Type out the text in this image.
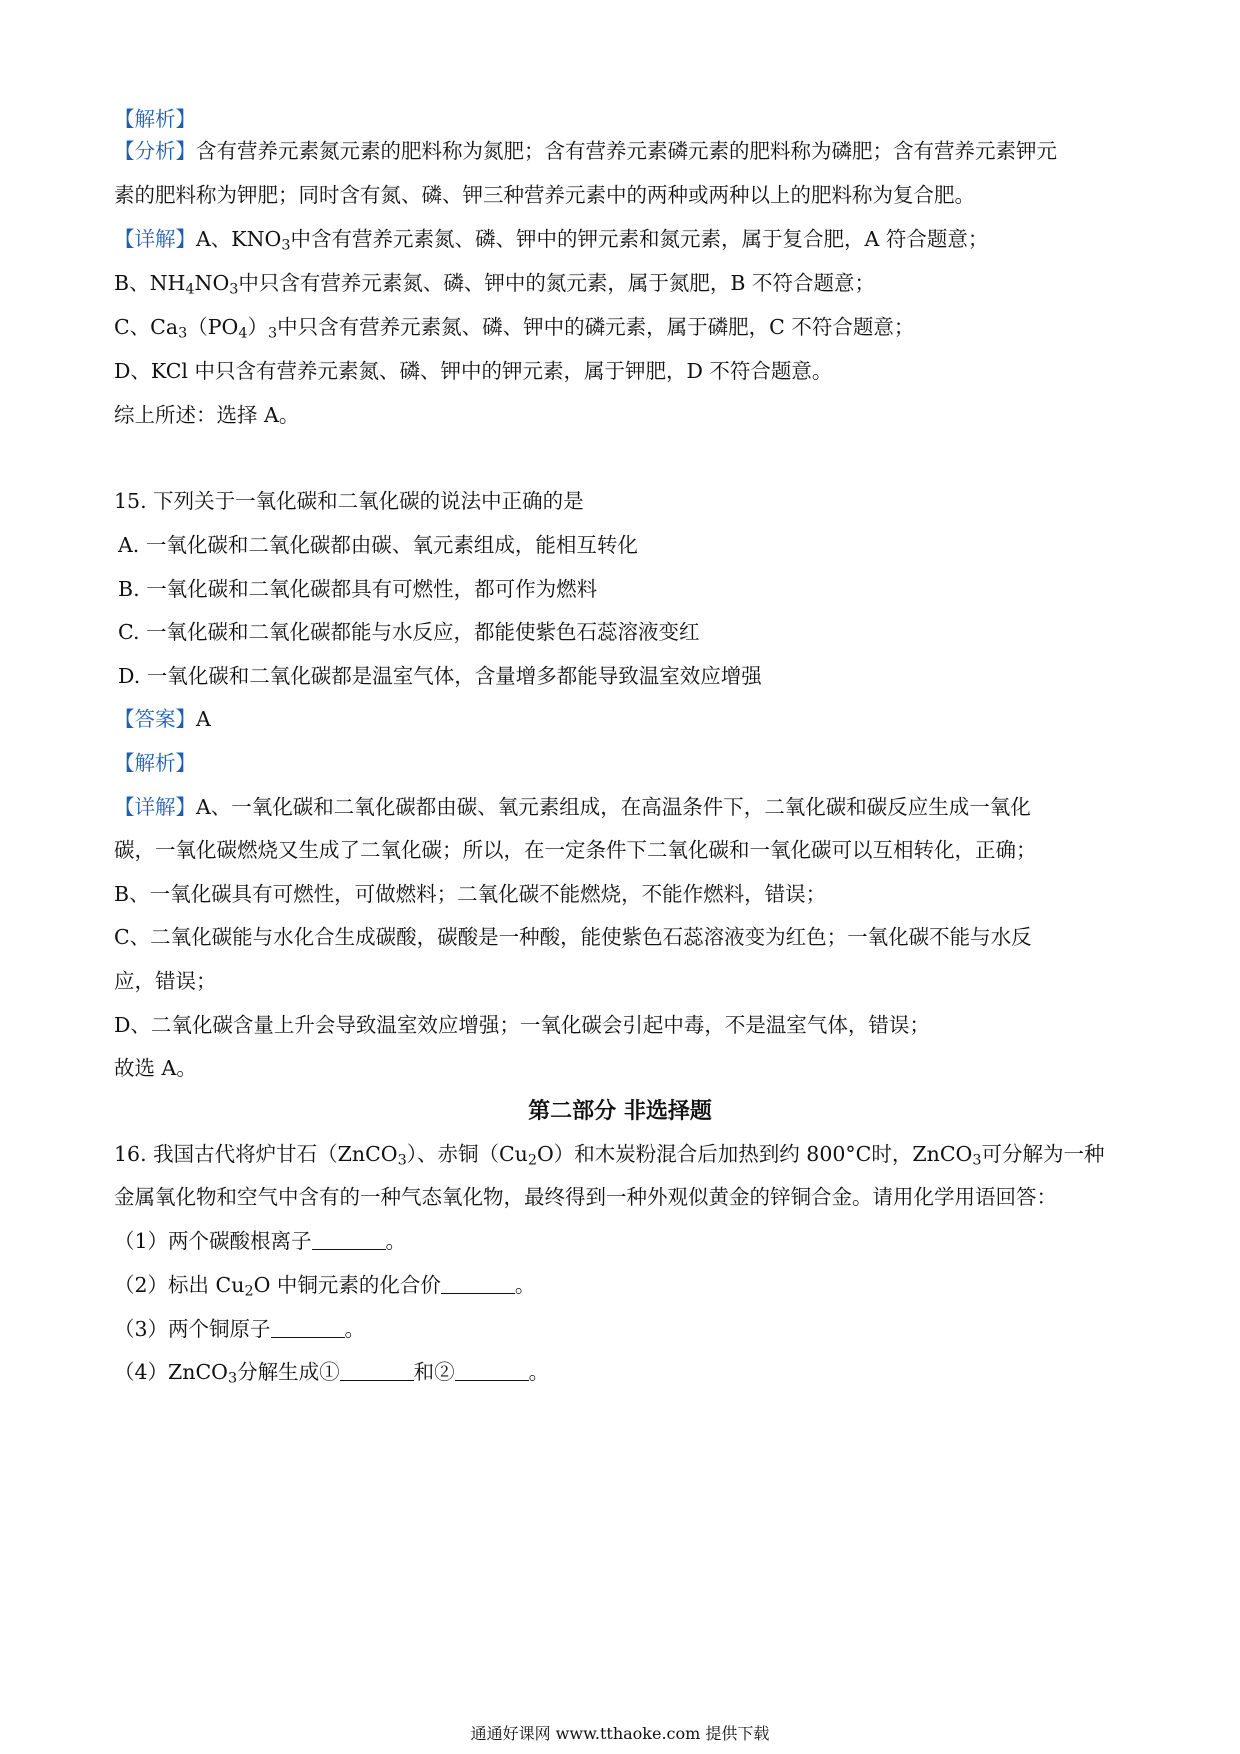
【解析】
【分析】含有营养元素氮元素的肥料称为氮肥；含有营养元素磷元素的肥料称为磷肥；含有营养元素钾元
素的肥料称为钾肥；同时含有氮、磷、钾三种营养元素中的两种或两种以上的肥料称为复合肥。
【详解】A、$KNO_3$中含有营养元素氮、磷、钾中的钾元素和氮元素，属于复合肥，A 符合题意；
B、$NH_4NO_3$中只含有营养元素氮、磷、钾中的氮元素，属于氮肥，B 不符合题意；
C、$Ca_3(PO_4)_3$中只含有营养元素氮、磷、钾中的磷元素，属于磷肥，C 不符合题意；
D、KCl 中只含有营养元素氮、磷、钾中的钾元素，属于钾肥，D 不符合题意。
综上所述：选择 A。
15. 下列关于一氧化碳和二氧化碳的说法中正确的是
A. 一氧化碳和二氧化碳都由碳、氧元素组成，能相互转化
B. 一氧化碳和二氧化碳都具有可燃性，都可作为燃料
C. 一氧化碳和二氧化碳都能与水反应，都能使紫色石蕊溶液变红
D. 一氧化碳和二氧化碳都是温室气体，含量增多都能导致温室效应增强
【答案】A
【解析】
【详解】A、一氧化碳和二氧化碳都由碳、氧元素组成，在高温条件下，二氧化碳和碳反应生成一氧化
碳，一氧化碳燃烧又生成了二氧化碳；所以，在一定条件下二氧化碳和一氧化碳可以互相转化，正确；
B、一氧化碳具有可燃性，可做燃料；二氧化碳不能燃烧，不能作燃料，错误；
C、二氧化碳能与水化合生成碳酸，碳酸是一种酸，能使紫色石蕊溶液变为红色；一氧化碳不能与水反
应，错误；
D、二氧化碳含量上升会导致温室效应增强；一氧化碳会引起中毒，不是温室气体，错误；
故选 A。
第二部分 非选择题
16. 我国古代将炉甘石（ZnCO$_3$）、赤铜$(Cu_2O)$和木炭粉混合后加热到约 800°C时，ZnCO$_3$可分解为一种
金属氧化物和空气中含有的一种气态氧化物，最终得到一种外观似黄金的锌铜合金。请用化学用语回答：
（1）两个碳酸根离子	。
（2）标出 $Cu_2O$ 中铜元素的化合价	。
（3）两个铜原子	。
（4）ZnCO$_3$分解生成①	和②	。
通通好课网 www.tthaoke.com 提供下载
